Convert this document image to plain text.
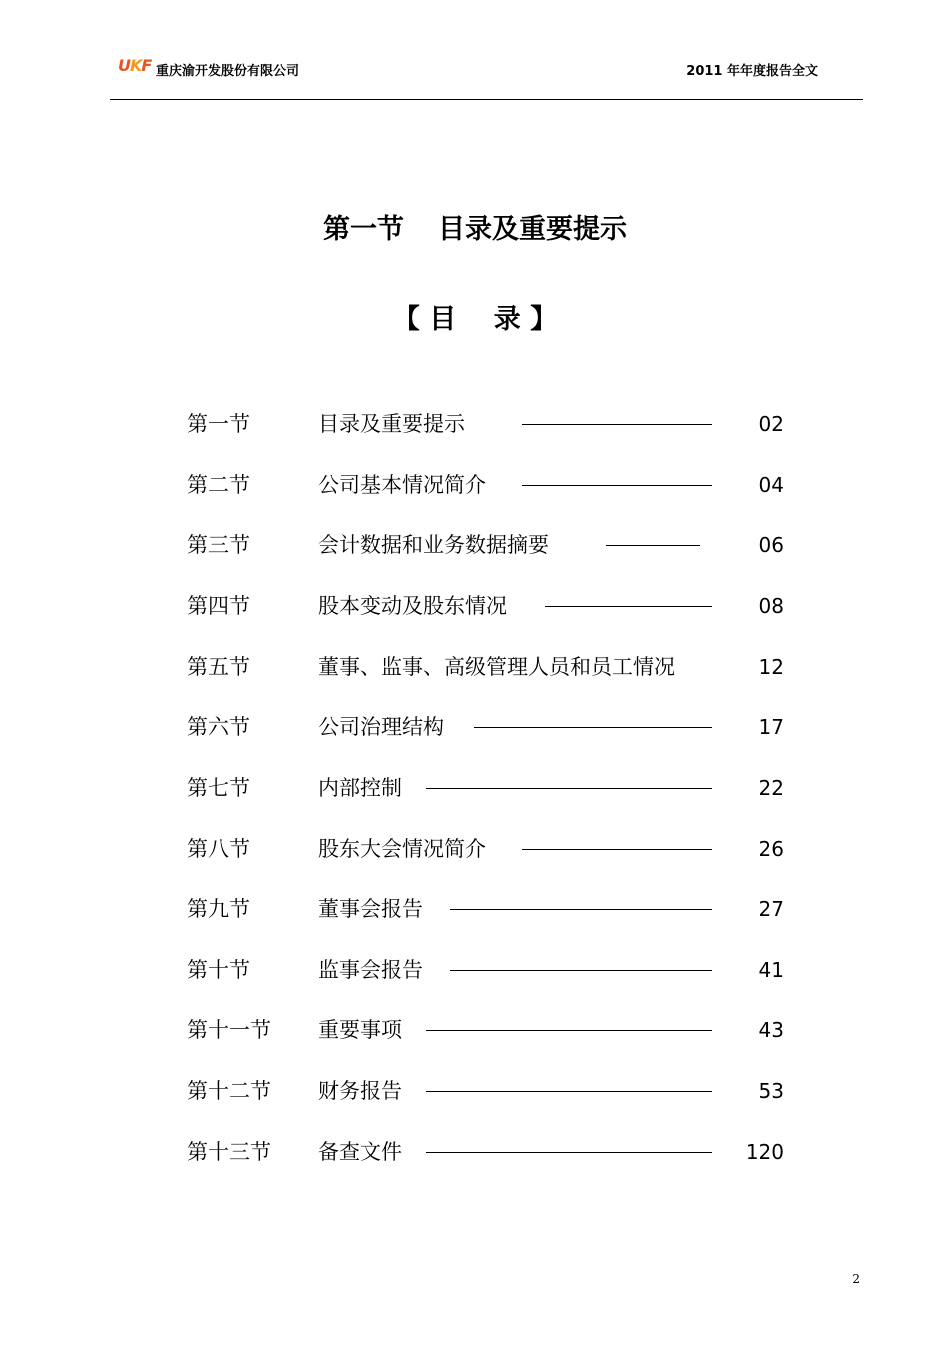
UKF 重庆渝开发股份有限公司	2011 年年度报告全文
第一节 目录及重要提示
【 目    录 】
第一节	目录及重要提示	02
第二节	公司基本情况简介	04
第三节	会计数据和业务数据摘要	06
第四节	股本变动及股东情况	08
第五节	董事、监事、高级管理人员和员工情况	12
第六节	公司治理结构	17
第七节	内部控制	22
第八节	股东大会情况简介	26
第九节	董事会报告	27
第十节	监事会报告	41
第十一节 重要事项	43
第十二节 财务报告	53
第十三节 备查文件	120
2
